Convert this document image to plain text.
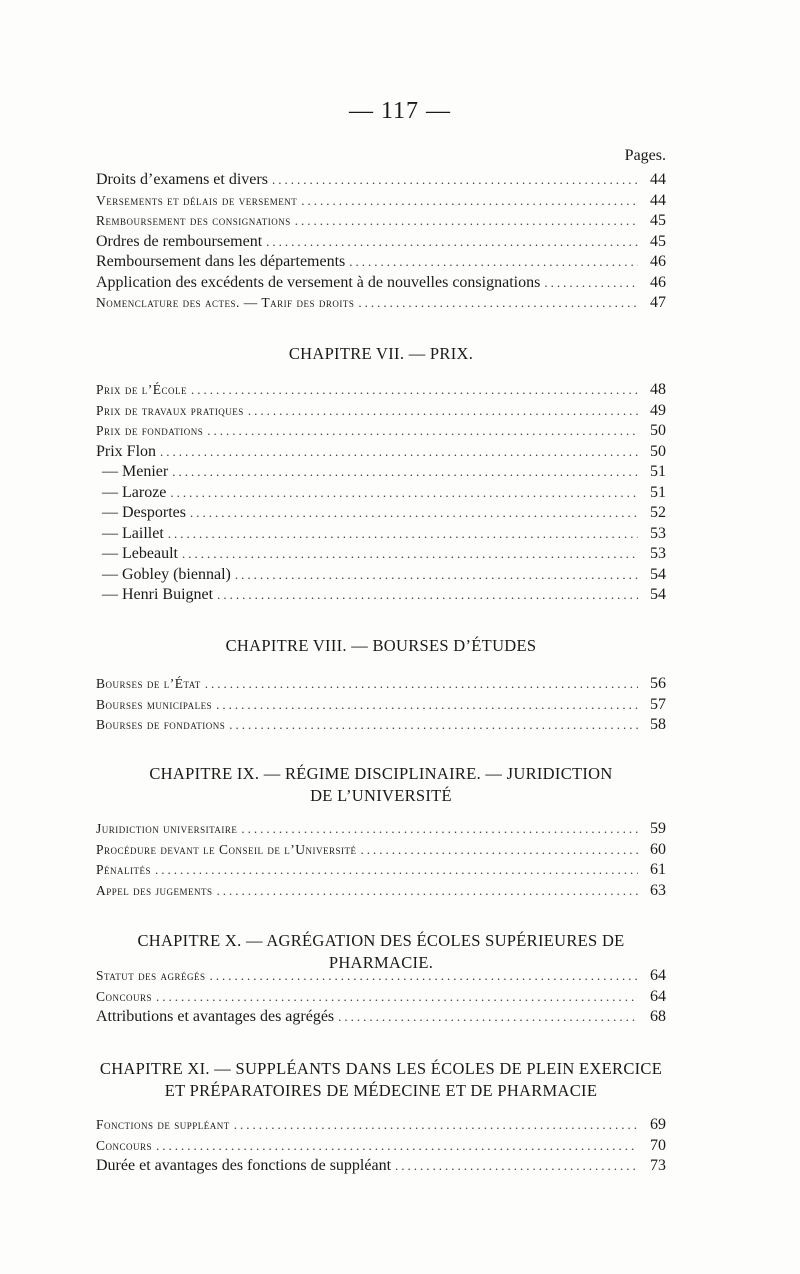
— 117 —
Pages.
Droits d’examens et divers .....	44
Versements et délais de versement .....	44
Remboursement des consignations .....	45
Ordres de remboursement .....	45
Remboursement dans les départements .....	46
Application des excédents de versement à de nouvelles consignations .....	46
Nomenclature des actes. — Tarif des droits .....	47
CHAPITRE VII. — PRIX.
Prix de l’École .....	48
Prix de travaux pratiques .....	49
Prix de fondations .....	50
Prix Flon .....	50
— Menier .....	51
— Laroze .....	51
— Desportes .....	52
— Laillet .....	53
— Lebeault .....	53
— Gobley (biennal) .....	54
— Henri Buignet .....	54
CHAPITRE VIII. — BOURSES D’ÉTUDES
Bourses de l’État .....	56
Bourses municipales .....	57
Bourses de fondations .....	58
CHAPITRE IX. — RÉGIME DISCIPLINAIRE. — JURIDICTION
DE L’UNIVERSITÉ
Juridiction universitaire .....	59
Procédure devant le Conseil de l’Université .....	60
Pénalités .....	61
Appel des jugements .....	63
CHAPITRE X. — AGRÉGATION DES ÉCOLES SUPÉRIEURES DE PHARMACIE.
Statut des agrégés .....	64
Concours .....	64
Attributions et avantages des agrégés .....	68
CHAPITRE XI. — SUPPLÉANTS DANS LES ÉCOLES DE PLEIN EXERCICE
ET PRÉPARATOIRES DE MÉDECINE ET DE PHARMACIE
Fonctions de suppléant .....	69
Concours .....	70
Durée et avantages des fonctions de suppléant .....	73
